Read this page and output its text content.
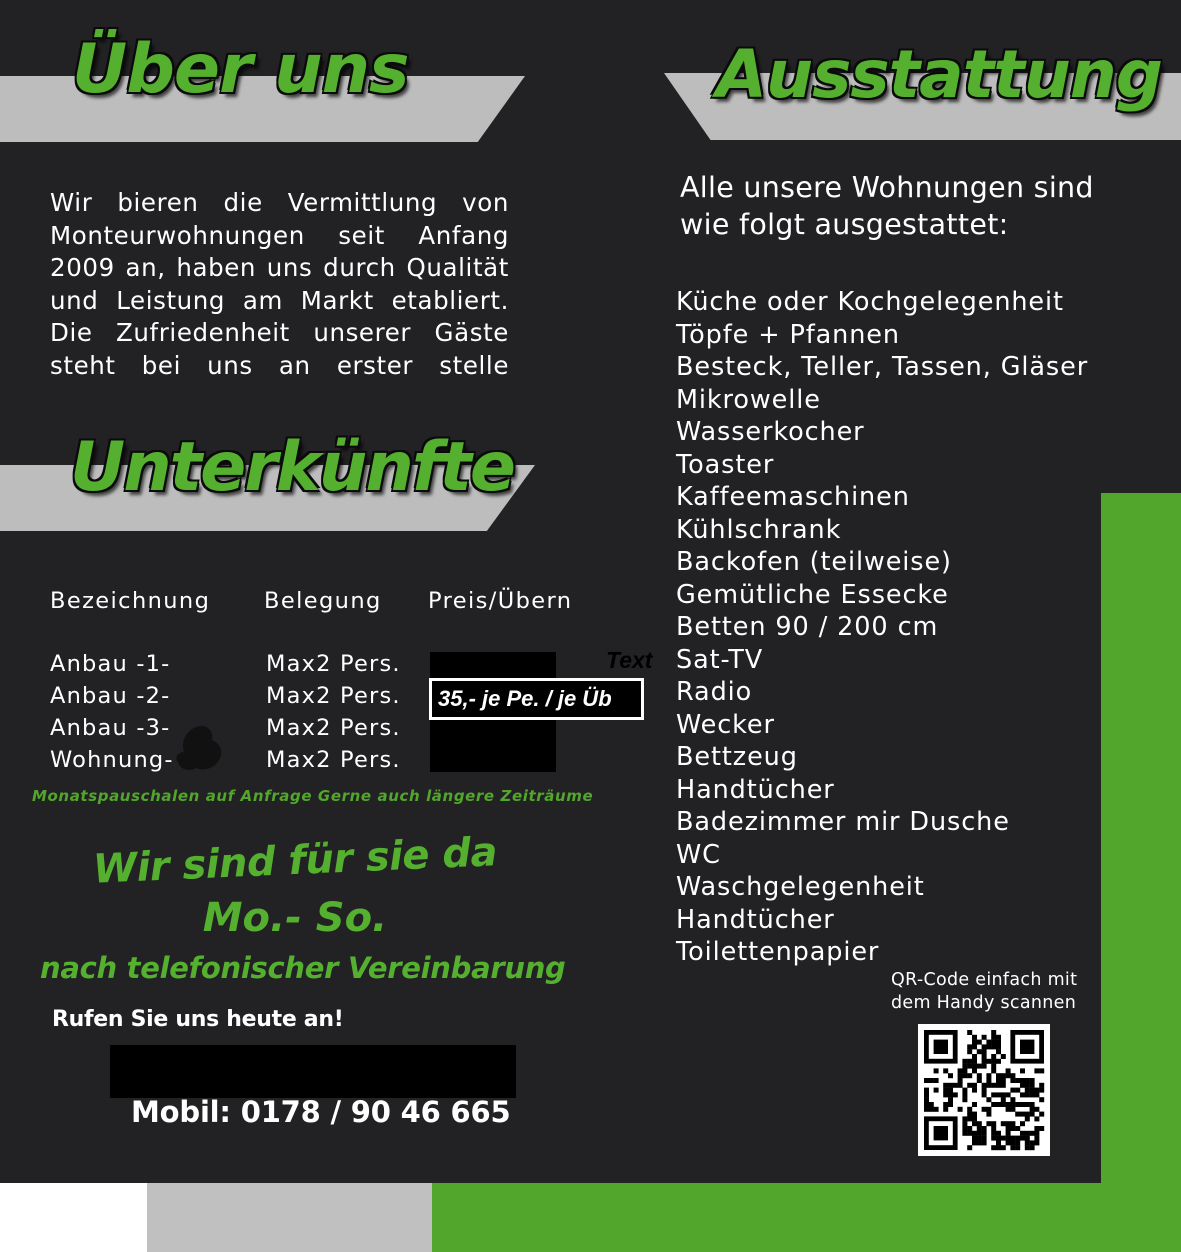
Über uns	Ausstattung
Unterkünfte

Wir bieren die Vermittlung von Monteurwohnungen seit Anfang 2009 an, haben uns durch Qualität und Leistung am Markt etabliert. Die Zufriedenheit unserer Gäste steht bei uns an erster stelle

Alle unsere Wohnungen sind wie folgt ausgestattet:

Küche oder Kochgelegenheit
Töpfe + Pfannen
Besteck, Teller, Tassen, Gläser
Mikrowelle
Wasserkocher
Toaster
Kaffeemaschinen
Kühlschrank
Backofen (teilweise)
Gemütliche Essecke
Betten 90 / 200 cm
Sat-TV
Radio
Wecker
Bettzeug
Handtücher
Badezimmer mir Dusche
WC
Waschgelegenheit
Handtücher
Toilettenpapier
Bezeichnung Belegung Preis/Übern
Anbau -1-
Anbau -2-
Anbau -3-
Wohnung-
Max2 Pers.
Max2 Pers.
Max2 Pers.
Max2 Pers.
Text
35,- je Pe. / je Üb

Monatspauschalen auf Anfrage Gerne auch längere Zeiträume

Wir sind für sie da
Mo.- So.
nach telefonischer Vereinbarung

Rufen Sie uns heute an!

Mobil: 0178 / 90 46 665

QR-Code einfach mit
dem Handy scannen
